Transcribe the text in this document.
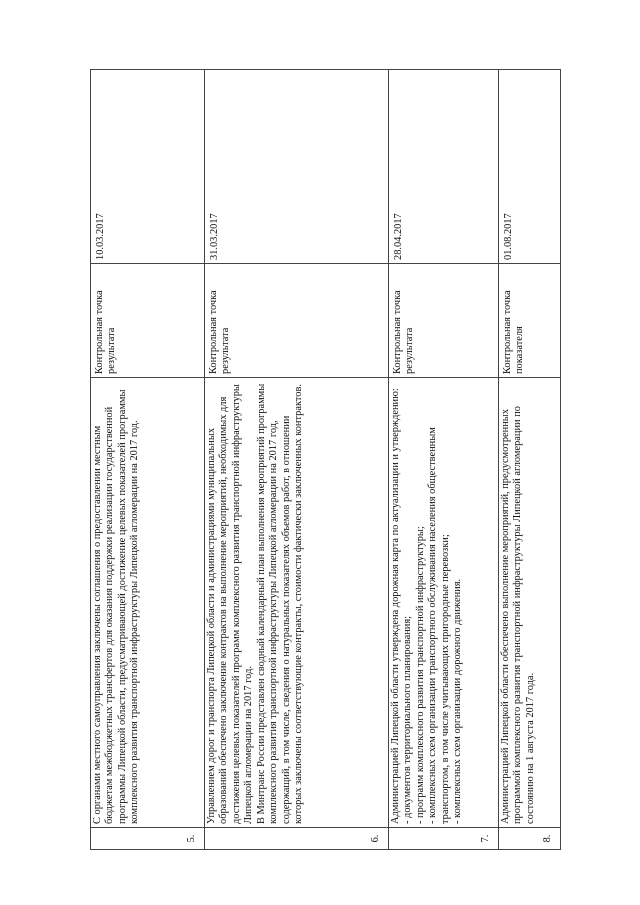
5.	С органами местного самоуправления заключены соглашения о предоставлении местным бюджетам межбюджетных трансфертов для оказания поддержки реализации государственной программы Липецкой области, предусматривающей достижение целевых показателей программы комплексного развития транспортной инфраструктуры Липецкой агломерации на 2017 год.	Контрольная точка результата	10.03.2017
6.	Управлением дорог и транспорта Липецкой области и администрациями муниципальных образований обеспечено заключение контрактов на выполнение мероприятий, необходимых для достижения целевых показателей программ комплексного развития транспортной инфраструктуры Липецкой агломерации на 2017 год.
В Минтранс России представлен сводный календарный план выполнения мероприятий программы комплексного развития транспортной инфраструктуры Липецкой агломерации на 2017 год, содержащий, в том числе, сведения о натуральных показателях объемов работ, в отношении которых заключены соответствующие контракты, стоимости фактически заключенных контрактов.	Контрольная точка результата	31.03.2017
7.	Администрацией Липецкой области утверждена дорожная карта по актуализации и утверждению:
- документов территориального планирования;
- программ комплексного развития транспортной инфраструктуры;
- комплексных схем организации транспортного обслуживания населения общественным транспортом, в том числе учитывающих пригородные перевозки;
- комплексных схем организации дорожного движения.	Контрольная точка результата	28.04.2017
8.	Администрацией Липецкой области обеспечено выполнение мероприятий, предусмотренных программой комплексного развития транспортной инфраструктуры Липецкой агломерации по состоянию на 1 августа 2017 года.	Контрольная точка показателя	01.08.2017
